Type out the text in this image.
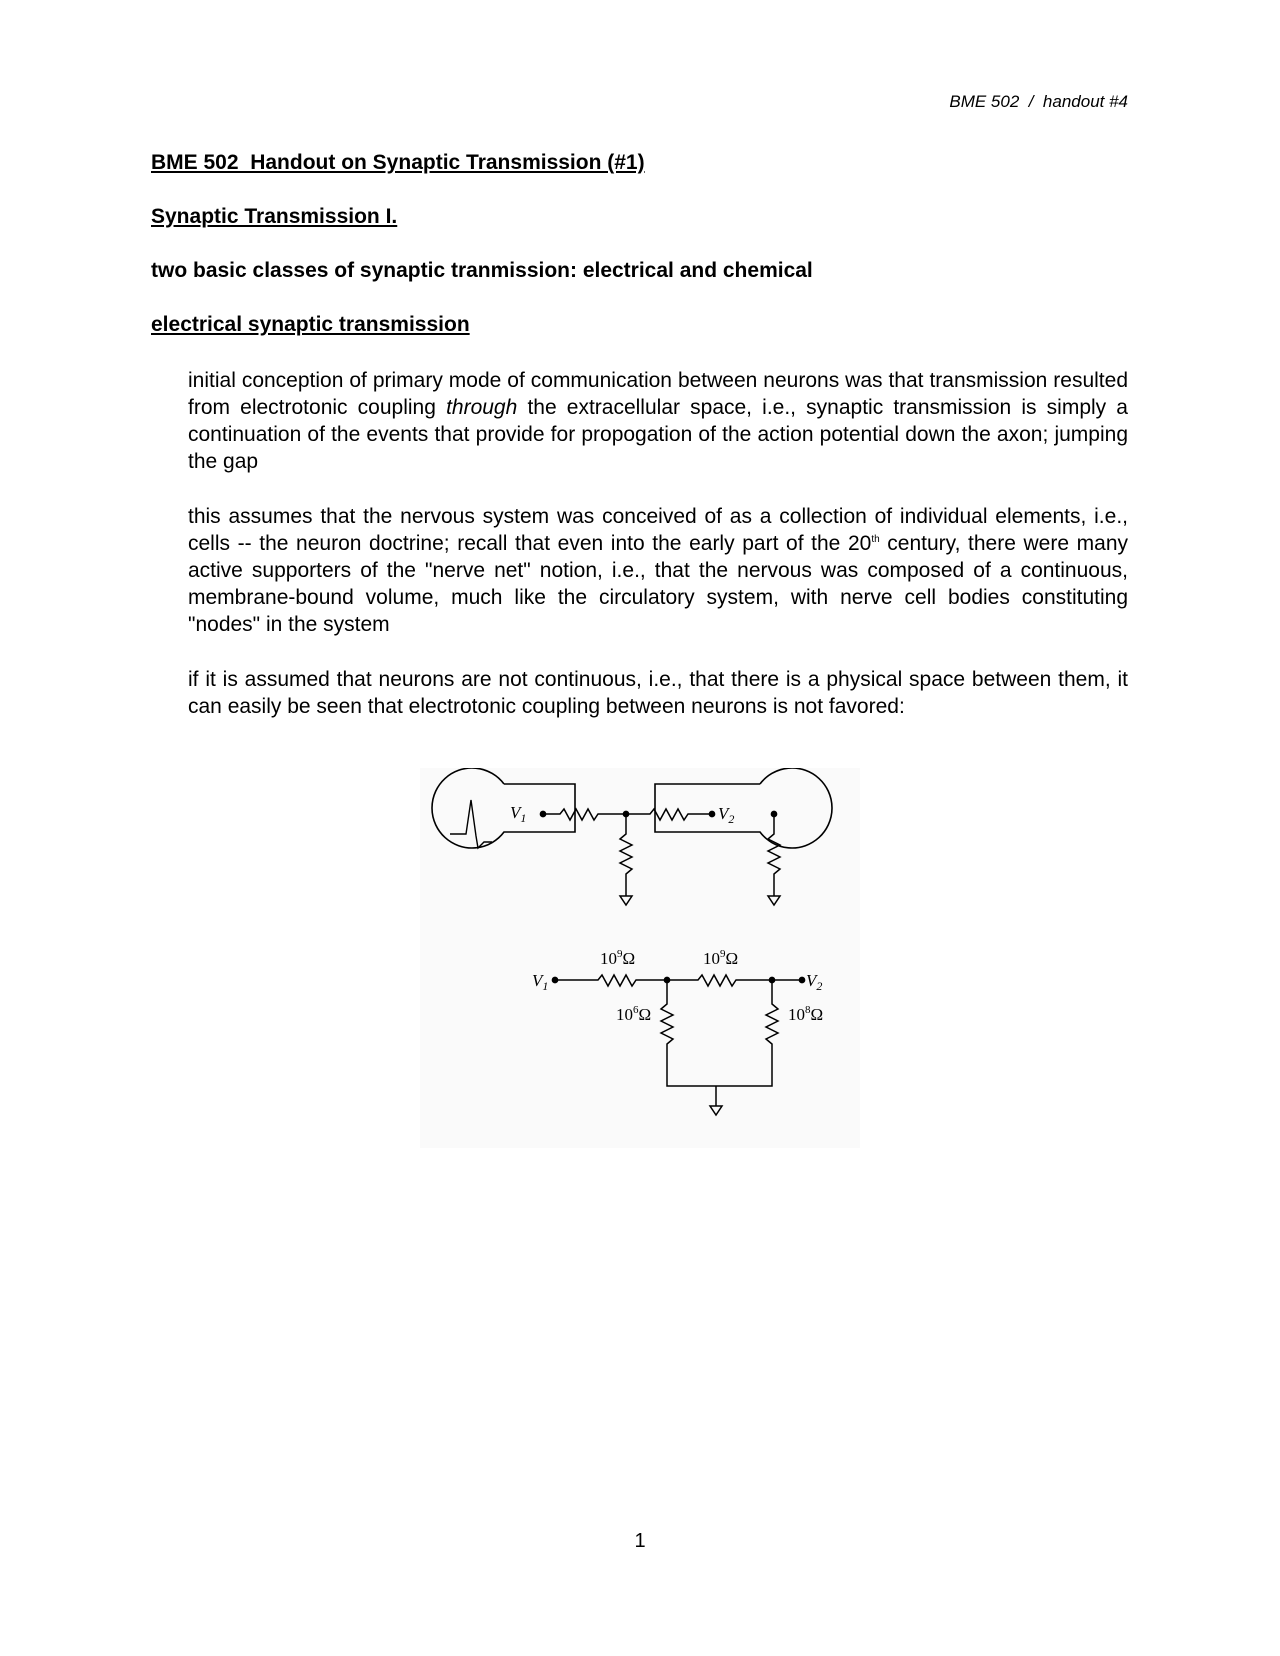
BME 502  /  handout #4
BME 502  Handout on Synaptic Transmission (#1)
Synaptic Transmission I.
two basic classes of synaptic tranmission: electrical and chemical
electrical synaptic transmission
initial conception of primary mode of communication between neurons was that transmission resulted from electrotonic coupling through the extracellular space, i.e., synaptic transmission is simply a continuation of the events that provide for propogation of the action potential down the axon; jumping the gap
this assumes that the nervous system was conceived of as a collection of individual elements, i.e., cells -- the neuron doctrine; recall that even into the early part of the 20th century, there were many active supporters of the "nerve net" notion, i.e., that the nervous was composed of a continuous, membrane-bound volume, much like the circulatory system, with nerve cell bodies constituting "nodes" in the system
if it is assumed that neurons are not continuous, i.e., that there is a physical space between them, it can easily be seen that electrotonic coupling between neurons is not favored:
$V_1$	$V_2$
$V_1$	$V_2$
$10^9\Omega$	$10^9\Omega$
$10^6\Omega$	$10^8\Omega$
1
